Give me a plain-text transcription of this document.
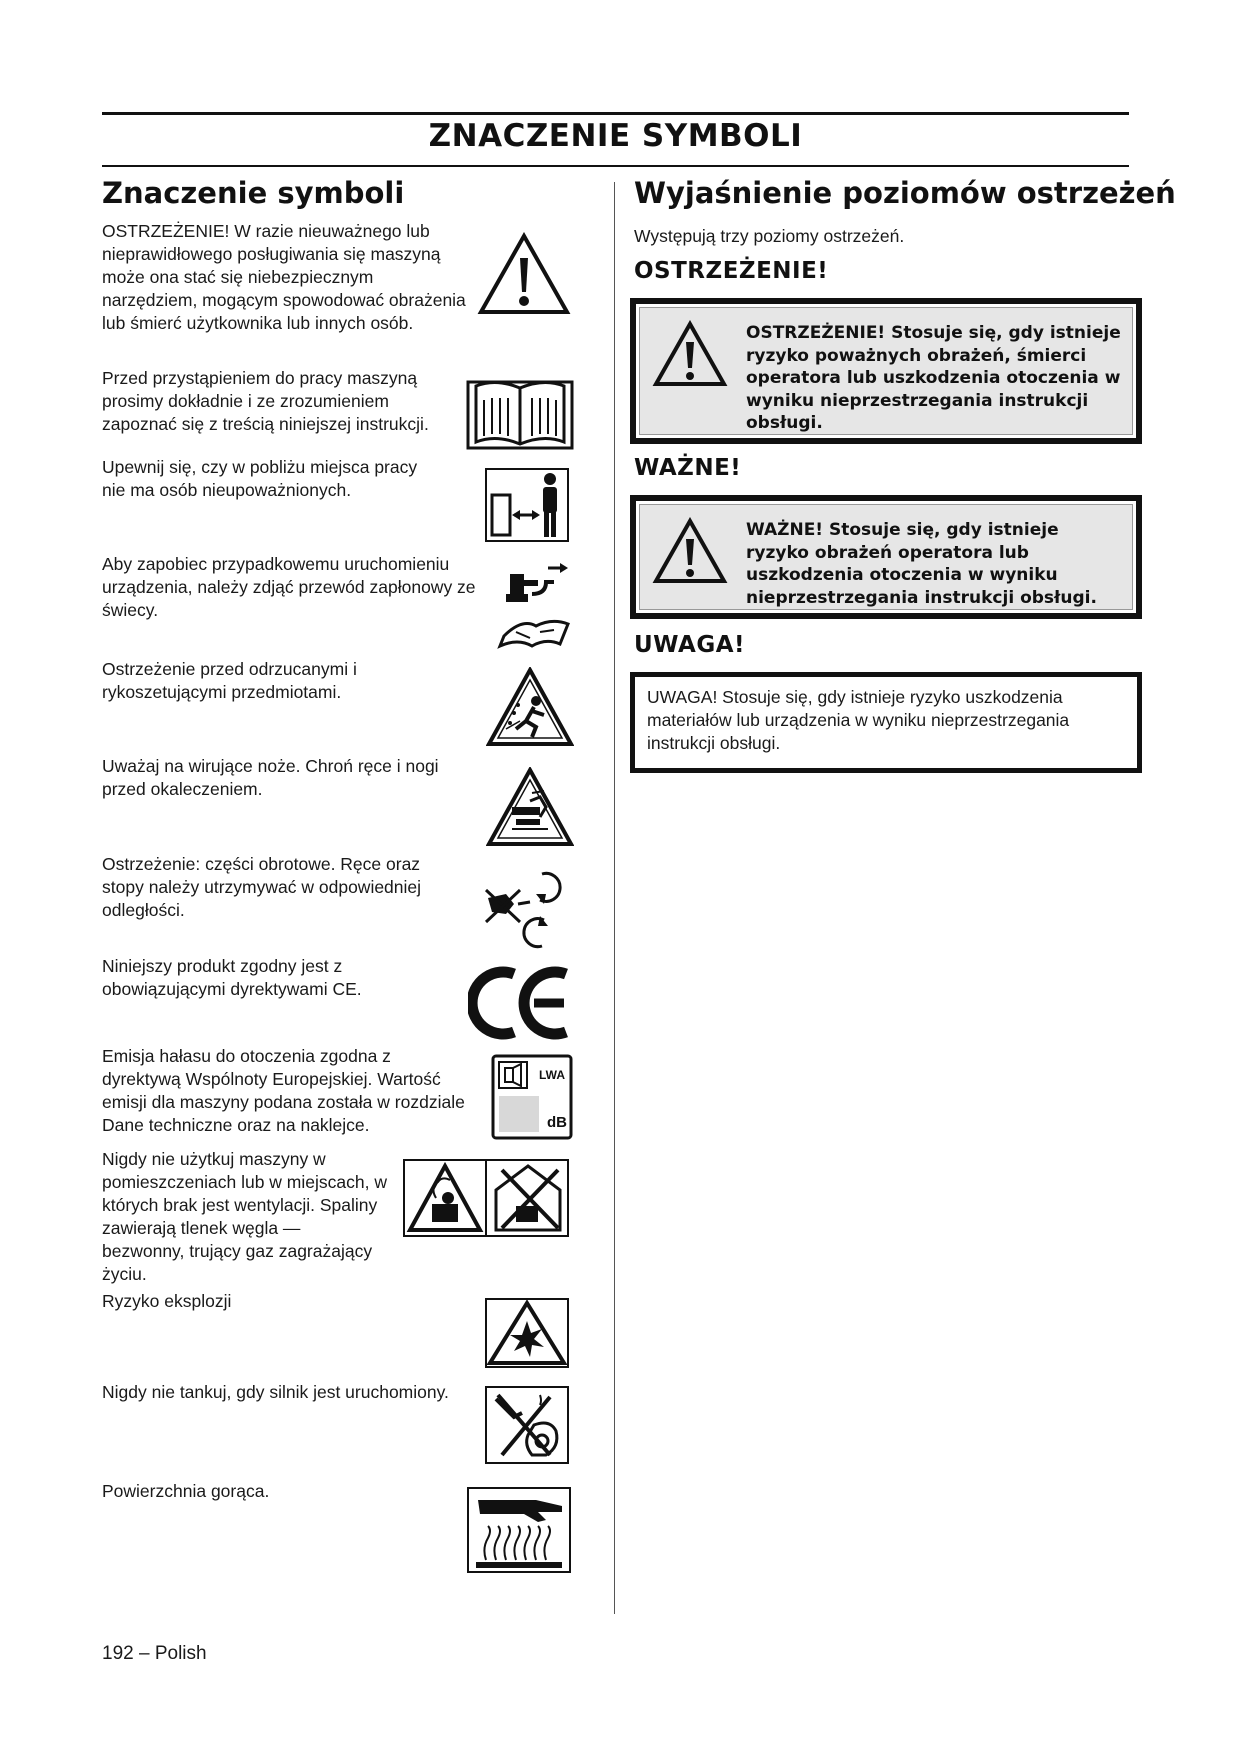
ZNACZENIE SYMBOLI
Znaczenie symboli	Wyjaśnienie poziomów ostrzeżeń
OSTRZEŻENIE! W razie nieuważnego lub nieprawidłowego posługiwania się maszyną może ona stać się niebezpiecznym narzędziem, mogącym spowodować obrażenia lub śmierć użytkownika lub innych osób.
Przed przystąpieniem do pracy maszyną prosimy dokładnie i ze zrozumieniem zapoznać się z treścią niniejszej instrukcji.
Upewnij się, czy w pobliżu miejsca pracy nie ma osób nieupoważnionych.
Aby zapobiec przypadkowemu uruchomieniu urządzenia, należy zdjąć przewód zapłonowy ze świecy.
Ostrzeżenie przed odrzucanymi i rykoszetującymi przedmiotami.
Uważaj na wirujące noże. Chroń ręce i nogi przed okaleczeniem.
Ostrzeżenie: części obrotowe. Ręce oraz stopy należy utrzymywać w odpowiedniej odległości.
Niniejszy produkt zgodny jest z obowiązującymi dyrektywami CE.
Emisja hałasu do otoczenia zgodna z dyrektywą Wspólnoty Europejskiej. Wartość emisji dla maszyny podana została w rozdziale Dane techniczne oraz na naklejce.
Nigdy nie użytkuj maszyny w pomieszczeniach lub w miejscach, w których brak jest wentylacji. Spaliny zawierają tlenek węgla — bezwonny, trujący gaz zagrażający życiu.
Ryzyko eksplozji
Nigdy nie tankuj, gdy silnik jest uruchomiony.
Powierzchnia gorąca.
LWA
dB
Występują trzy poziomy ostrzeżeń.
OSTRZEŻENIE!
OSTRZEŻENIE! Stosuje się, gdy istnieje ryzyko poważnych obrażeń, śmierci operatora lub uszkodzenia otoczenia w wyniku nieprzestrzegania instrukcji obsługi.
WAŻNE!
WAŻNE! Stosuje się, gdy istnieje ryzyko obrażeń operatora lub uszkodzenia otoczenia w wyniku nieprzestrzegania instrukcji obsługi.
UWAGA!
UWAGA! Stosuje się, gdy istnieje ryzyko uszkodzenia materiałów lub urządzenia w wyniku nieprzestrzegania instrukcji obsługi.
192 – Polish
